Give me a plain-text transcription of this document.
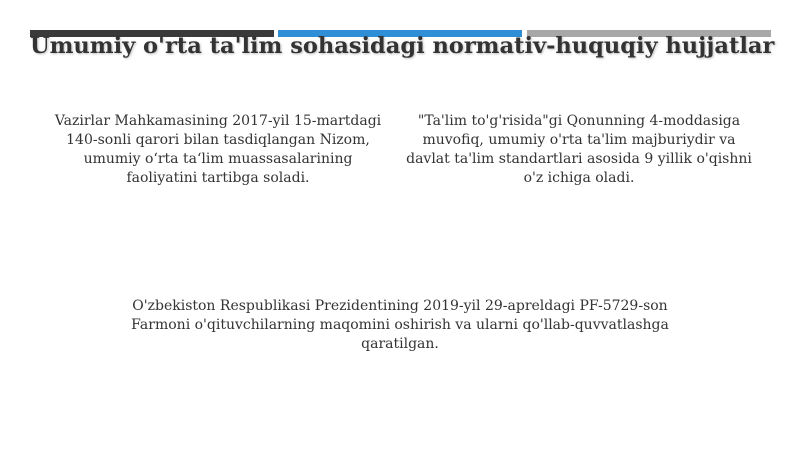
Umumiy o'rta ta'lim sohasidagi normativ-huquqiy hujjatlar
Vazirlar Mahkamasining 2017-yil 15-martdagi 140-sonli qarori bilan tasdiqlangan Nizom, umumiy o‘rta ta‘lim muassasalarining faoliyatini tartibga soladi.
"Ta'lim to'g'risida"gi Qonunning 4-moddasiga muvofiq, umumiy o'rta ta'lim majburiydir va davlat ta'lim standartlari asosida 9 yillik o'qishni o'z ichiga oladi.
O'zbekiston Respublikasi Prezidentining 2019-yil 29-apreldagi PF-5729-son Farmoni o'qituvchilarning maqomini oshirish va ularni qo'llab-quvvatlashga qaratilgan.
